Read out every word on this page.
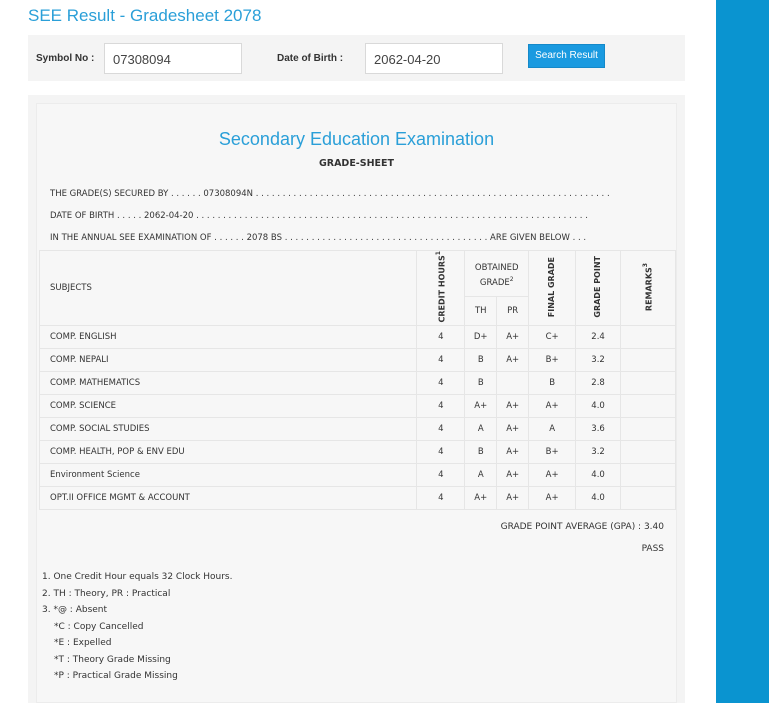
SEE Result - Gradesheet 2078
Symbol No :	07308094	Date of Birth :	2062-04-20	Search Result
Secondary Education Examination
GRADE-SHEET
THE GRADE(S) SECURED BY . . . . . . 07308094N . . . . . . . . . . . . . . . . . . . . . . . . . . . . . . . . . . . . . . . . . . . . . . . . . . . . . . . . . . . . . . . . . .
DATE OF BIRTH . . . . . 2062-04-20 . . . . . . . . . . . . . . . . . . . . . . . . . . . . . . . . . . . . . . . . . . . . . . . . . . . . . . . . . . . . . . . . . . . . . . . . .
IN THE ANNUAL SEE EXAMINATION OF . . . . . . 2078 BS . . . . . . . . . . . . . . . . . . . . . . . . . . . . . . . . . . . . . . ARE GIVEN BELOW . . .
SUBJECTS	CREDIT HOURS$^1$	OBTAINED GRADE$^2$		FINAL GRADE	GRADE POINT	REMARKS$^3$
		TH	PR			
COMP. ENGLISH	4	D+	A+	C+	2.4	
COMP. NEPALI	4	B	A+	B+	3.2	
COMP. MATHEMATICS	4	B		B	2.8	
COMP. SCIENCE	4	A+	A+	A+	4.0	
COMP. SOCIAL STUDIES	4	A	A+	A	3.6	
COMP. HEALTH, POP & ENV EDU	4	B	A+	B+	3.2	
Environment Science	4	A	A+	A+	4.0	
OPT.II OFFICE MGMT & ACCOUNT	4	A+	A+	A+	4.0	
GRADE POINT AVERAGE (GPA) : 3.40
PASS
1. One Credit Hour equals 32 Clock Hours.
2. TH : Theory, PR : Practical
3. *@ : Absent
*C : Copy Cancelled
*E : Expelled
*T : Theory Grade Missing
*P : Practical Grade Missing
